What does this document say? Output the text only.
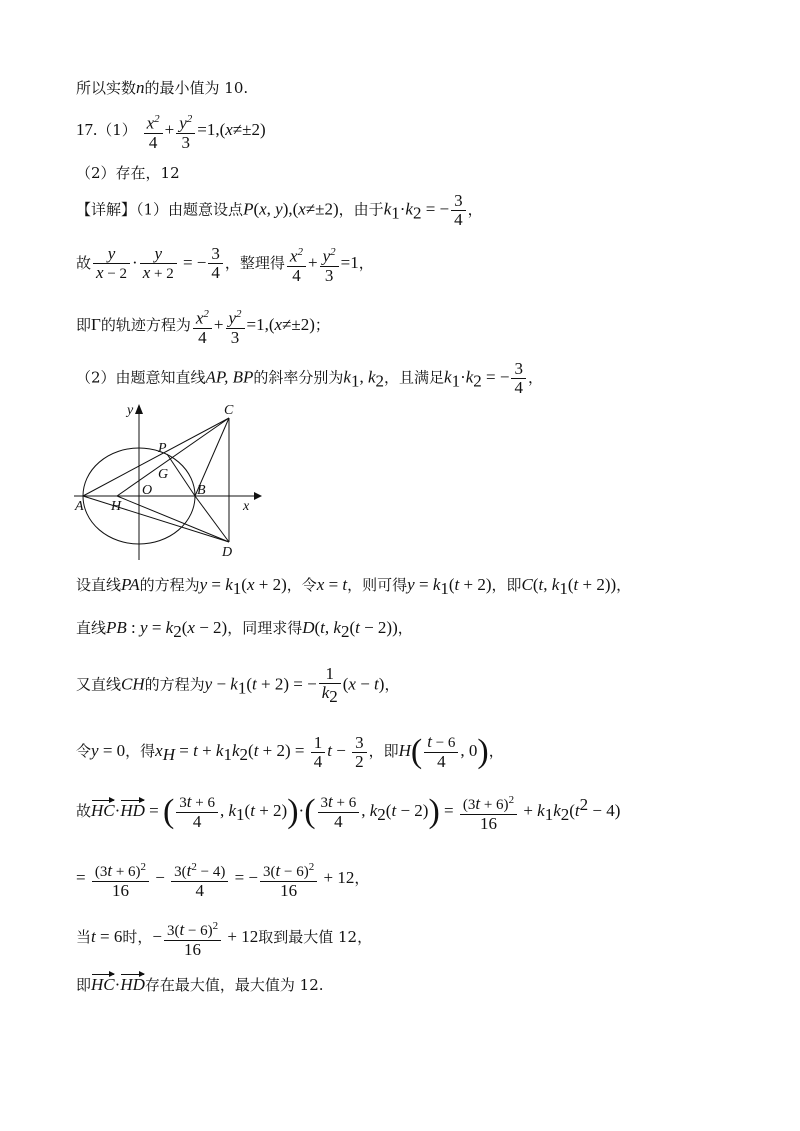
所以实数n的最小值为 10.
$17.(1) \frac{x^2}{4} + \frac{y^2}{3} =1,(x\ne\pm 2)$
（2）存在，12
【详解】（1）由题意设点P(x, y),(x≠±2)，由于$k_1\cdot k_2$ = − $\frac{3}{4}$ ，
故 $\frac{y}{x - 2} \cdot \frac{y}{x + 2}$ = − $\frac{3}{4}$ ，整理得 $\frac{x^2}{4} + \frac{y^2}{3} =1$，
即Γ的轨迹方程为 $\frac{x^2}{4} + \frac{y^2}{3} =1,(x\ne\pm 2)$；
（2）由题意知直线AP, BP的斜率分别为$k_1$, $k_2$，且满足$k_1\cdot k_2$ = − $\frac{3}{4}$ ，
C
y
P
G
O	B
A H	x
D
设直线PA的方程为$y = k_1(x + 2)$，令x = t，则可得$y = k_1(t + 2)$，即C(t, $k_1(t + 2)$)，
直线PB : $y = k_2(x - 2)$，同理求得D(t, $k_2(t - 2)$)，
又直线CH的方程为$y - k_1(t + 2)$ = − $\frac{1}{k_2} (x - t)$，
令y = 0，得$x_H = t + k_1k_2(t + 2) = \frac{1}{4}$ $t - \frac{3}{2}$ ，即$H( \frac{t - 6}{4}$ , 0)，
故HC·HD = ( $\frac{3t + 6}{4}$ , $k_1(t + 2))\cdot( \frac{3t + 6}{4}$ , $k_2(t - 2)) = \frac{(3t + 6)^2}{16} + k_1k_2(t^2 - 4)$
= $\frac{(3t + 6)^2}{16} - \frac{3(t^2 - 4)}{4}$ = − $\frac{3(t - 6)^2}{16} + 12$，
当t = 6时，− $\frac{3(t - 6)^2}{16} + 12$取到最大值 12，
即HC·HD存在最大值，最大值为 12.
